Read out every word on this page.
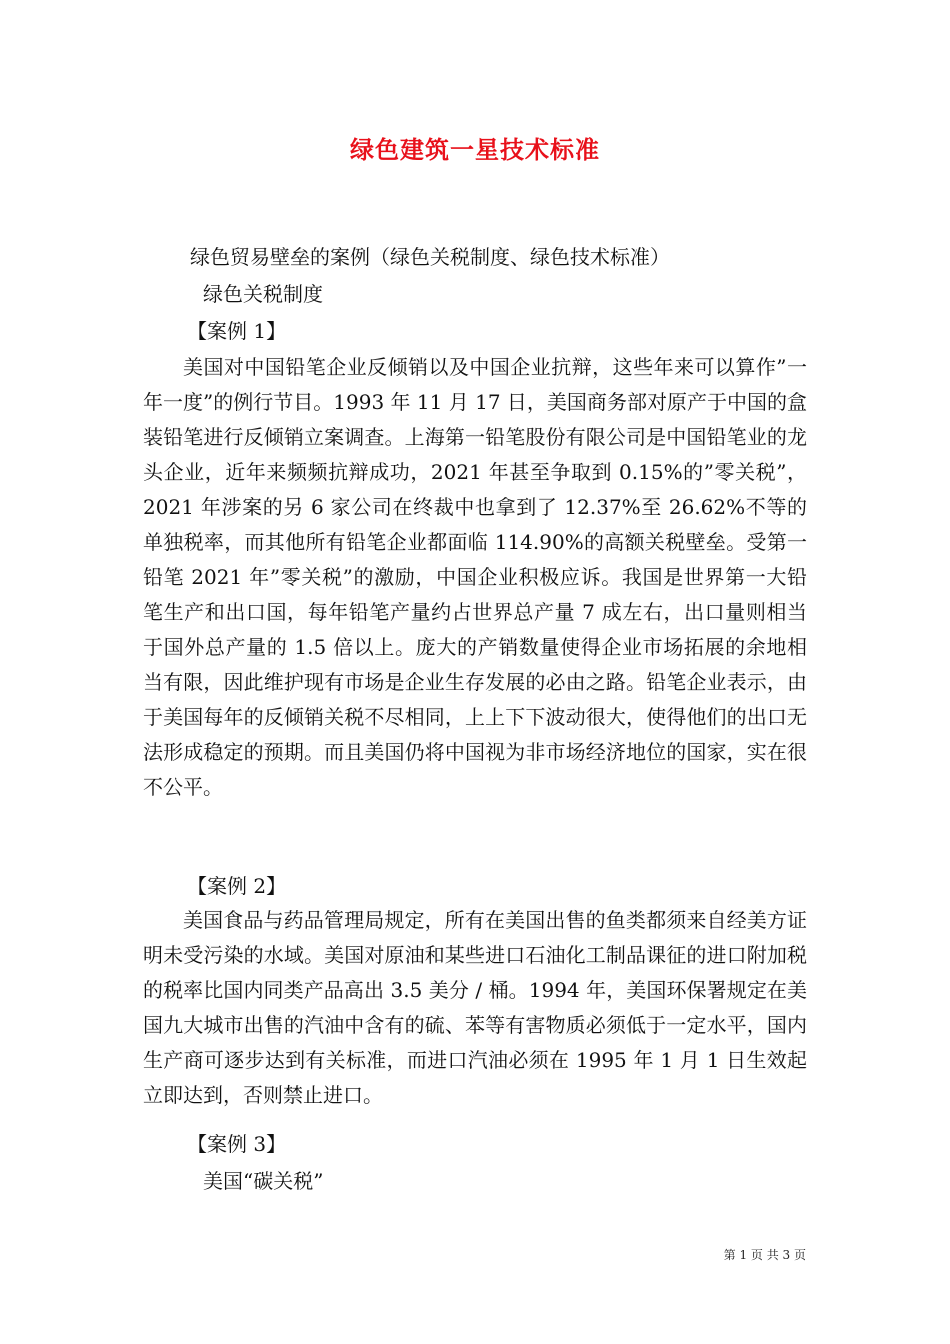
绿色建筑一星技术标准
绿色贸易壁垒的案例（绿色关税制度、绿色技术标准）
绿色关税制度
【案例 1】

美国对中国铅笔企业反倾销以及中国企业抗辩，这些年来可以算作”一年一度”的例行节目。1993 年 11 月 17 日，美国商务部对原产于中国的盒装铅笔进行反倾销立案调查。上海第一铅笔股份有限公司是中国铅笔业的龙头企业，近年来频频抗辩成功，2021 年甚至争取到 0.15%的”零关税”，2021 年涉案的另 6 家公司在终裁中也拿到了 12.37%至 26.62%不等的单独税率，而其他所有铅笔企业都面临 114.90%的高额关税壁垒。受第一铅笔 2021 年”零关税”的激励，中国企业积极应诉。我国是世界第一大铅笔生产和出口国，每年铅笔产量约占世界总产量 7 成左右，出口量则相当于国外总产量的 1.5 倍以上。庞大的产销数量使得企业市场拓展的余地相当有限，因此维护现有市场是企业生存发展的必由之路。铅笔企业表示，由于美国每年的反倾销关税不尽相同，上上下下波动很大，使得他们的出口无法形成稳定的预期。而且美国仍将中国视为非市场经济地位的国家，实在很不公平。

【案例 2】

美国食品与药品管理局规定，所有在美国出售的鱼类都须来自经美方证明未受污染的水域。美国对原油和某些进口石油化工制品课征的进口附加税的税率比国内同类产品高出 3.5 美分 / 桶。1994 年，美国环保署规定在美国九大城市出售的汽油中含有的硫、苯等有害物质必须低于一定水平，国内生产商可逐步达到有关标准，而进口汽油必须在 1995 年 1 月 1 日生效起立即达到，否则禁止进口。

【案例 3】
美国“碳关税”
第 1 页 共 3 页
